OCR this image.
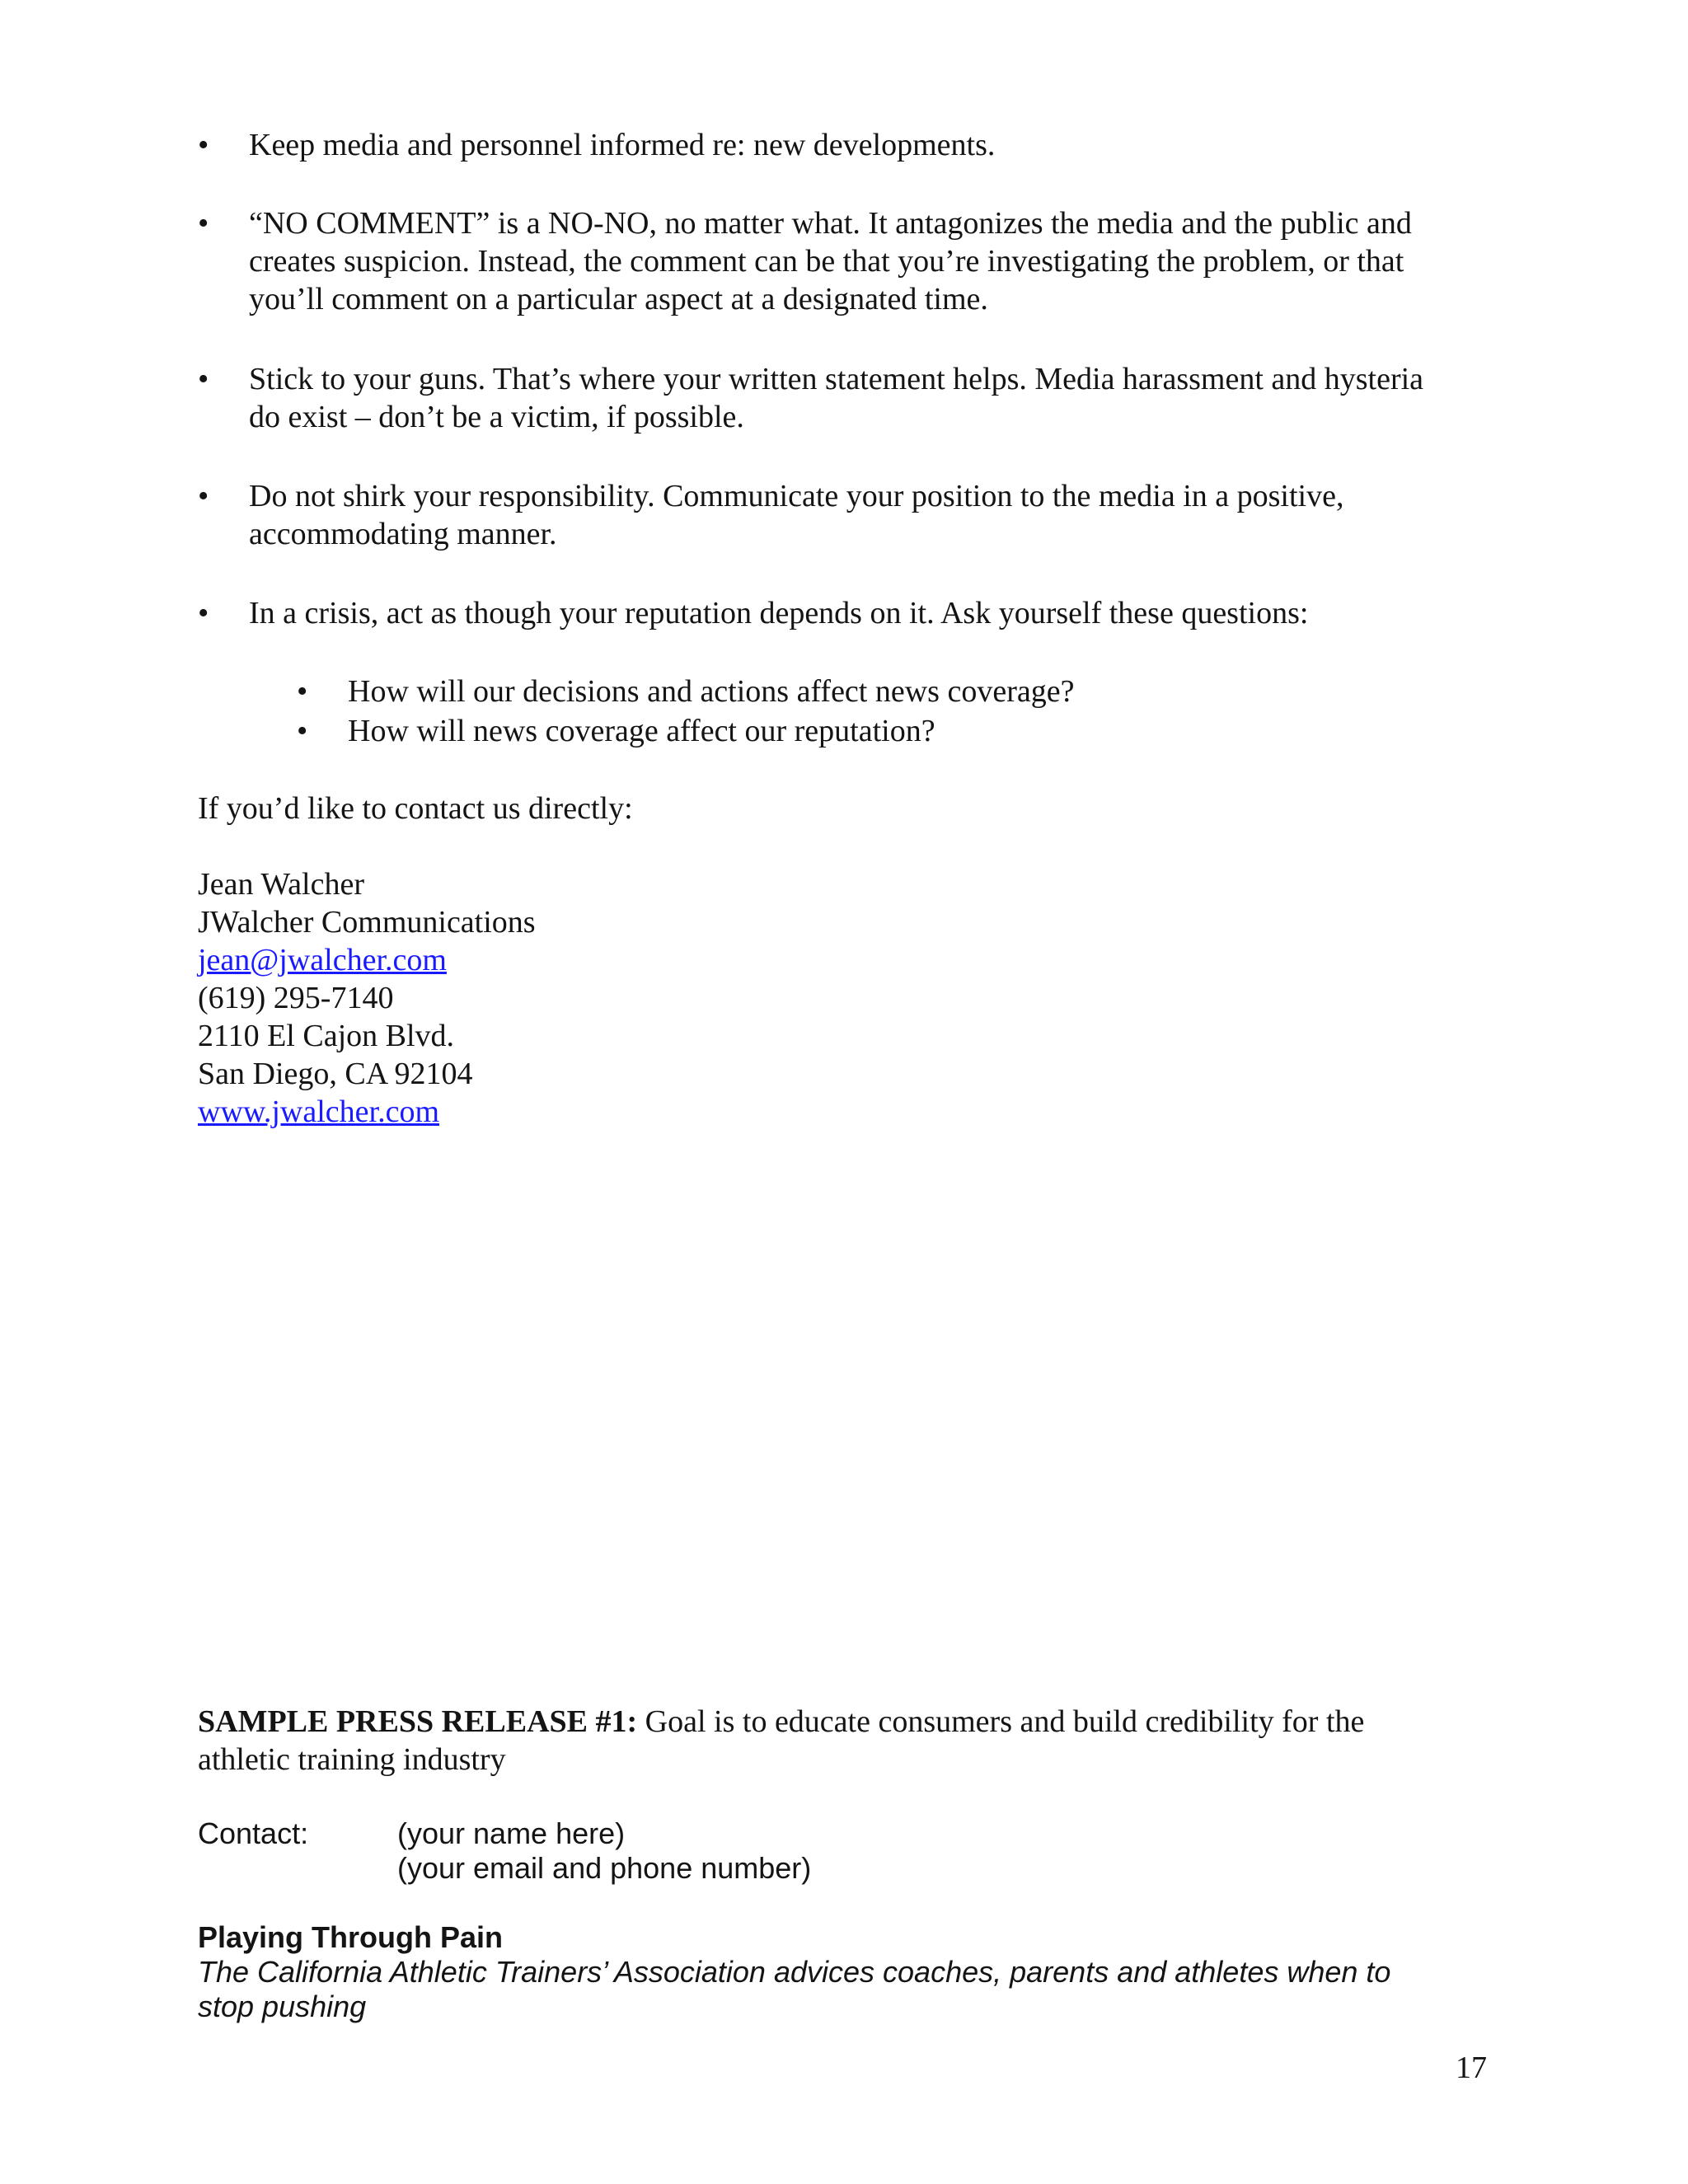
•	Keep media and personnel informed re: new developments.
•	“NO COMMENT” is a NO-NO, no matter what. It antagonizes the media and the public and
creates suspicion. Instead, the comment can be that you’re investigating the problem, or that
you’ll comment on a particular aspect at a designated time.
•	Stick to your guns. That’s where your written statement helps. Media harassment and hysteria
do exist – don’t be a victim, if possible.
•	Do not shirk your responsibility. Communicate your position to the media in a positive,
accommodating manner.
•	In a crisis, act as though your reputation depends on it. Ask yourself these questions:
• How will our decisions and actions affect news coverage?
• How will news coverage affect our reputation?
If you’d like to contact us directly:
Jean Walcher
JWalcher Communications
jean@jwalcher.com
(619) 295-7140
2110 El Cajon Blvd.
San Diego, CA 92104
www.jwalcher.com
SAMPLE PRESS RELEASE #1: Goal is to educate consumers and build credibility for the
athletic training industry
Contact:	(your name here)
(your email and phone number)
Playing Through Pain
The California Athletic Trainers’ Association advices coaches, parents and athletes when to
stop pushing
17
